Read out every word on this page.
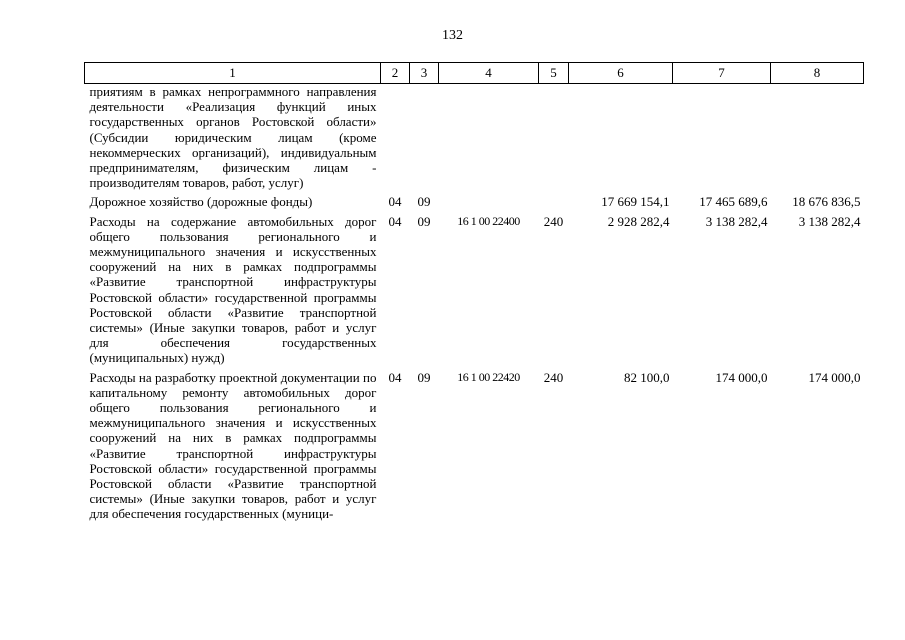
132
1	2	3	4	5	6	7	8

приятиям в рамках непрограммного направления деятельности «Реализация функций иных государственных органов Ростовской области» (Субсидии юридическим лицам (кроме некоммерческих организаций), индивидуальным предпринимателям, физическим лицам - производителям товаров, работ, услуг)							

Дорожное хозяйство (дорожные фонды)	04	09			17 669 154,1	17 465 689,6	18 676 836,5

Расходы на содержание автомобильных дорог общего пользования регионального и межмуниципального значения и искусственных сооружений на них в рамках подпрограммы «Развитие транспортной инфраструктуры Ростовской области» государственной программы Ростовской области «Развитие транспортной системы» (Иные закупки товаров, работ и услуг для обеспечения государственных (муниципальных) нужд)	04	09	16 1 00 22400	240	2 928 282,4	3 138 282,4	3 138 282,4

Расходы на разработку проектной документации по капитальному ремонту автомобильных дорог общего пользования регионального и межмуниципального значения и искусственных сооружений на них в рамках подпрограммы «Развитие транспортной инфраструктуры Ростовской области» государственной программы Ростовской области «Развитие транспортной системы» (Иные закупки товаров, работ и услуг для обеспечения государственных (муници-	04	09	16 1 00 22420	240	82 100,0	174 000,0	174 000,0
